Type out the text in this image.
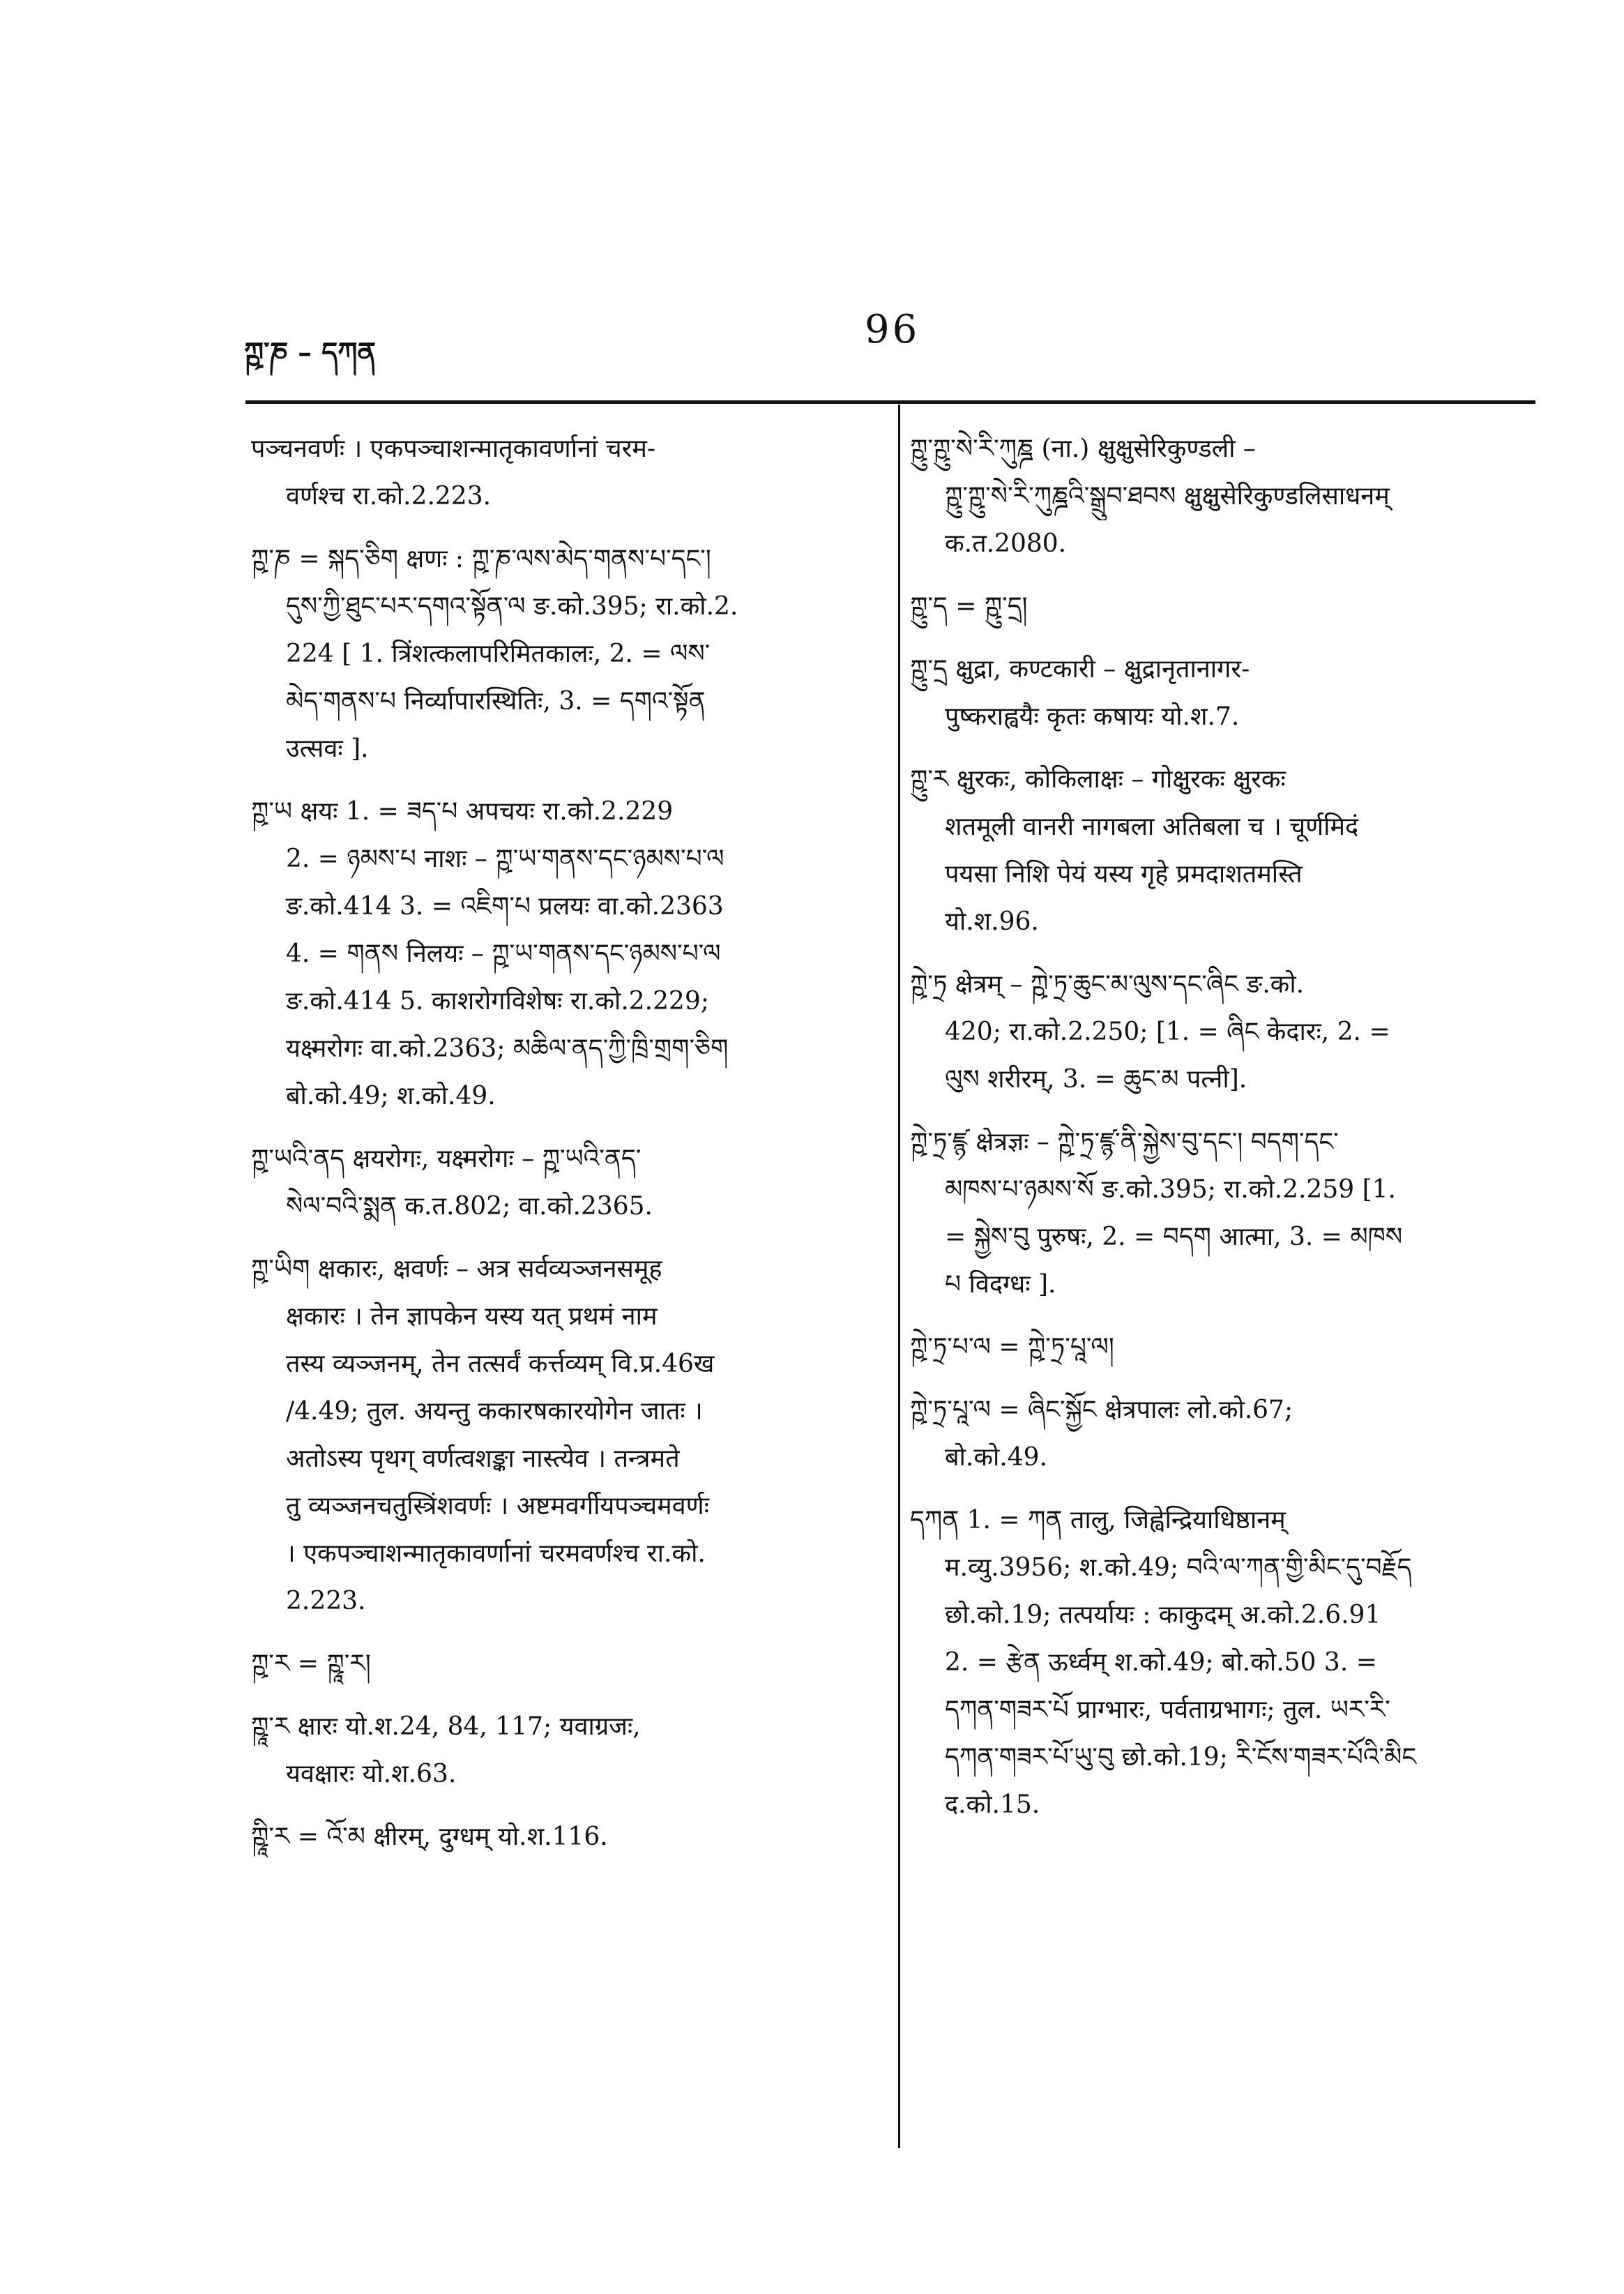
ཀྵ་ཎ – དཀན
96
पञ्चनवर्णः । एकपञ्चाशन्मातृकावर्णानां चरम-
वर्णश्च रा.को.2.223.
ཀྵ་ཎ = སྐད་ཅིག क्षणः : ཀྵ་ཎ་ལས་མེད་གནས་པ་དང་།
དུས་ཀྱི་ཐུང་པར་དགའ་སྟོན་ལ ङ.को.395; रा.को.2.
224 [ 1. त्रिंशत्कलापरिमितकालः, 2. = ལས་
མེད་གནས་པ निर्व्यापारस्थितिः, 3. = དགའ་སྟོན
उत्सवः ].
ཀྵ་ཡ क्षयः 1. = ཟད་པ अपचयः रा.को.2.229
2. = ཉམས་པ नाशः – ཀྵ་ཡ་གནས་དང་ཉམས་པ་ལ
ङ.को.414 3. = འཇིག་པ प्रलयः वा.को.2363
4. = གནས निलयः – ཀྵ་ཡ་གནས་དང་ཉམས་པ་ལ
ङ.को.414 5. काशरोगविशेषः रा.को.2.229;
यक्ष्मरोगः वा.को.2363; མཆིལ་ནད་ཀྱི་ཁྲི་གྲག་ཅིག
बो.को.49; श.को.49.
ཀྵ་ཡའི་ནད क्षयरोगः, यक्ष्मरोगः – ཀྵ་ཡའི་ནད་
སེལ་བའི་སྨན क.त.802; वा.को.2365.
ཀྵ་ཡིག क्षकारः, क्षवर्णः – अत्र सर्वव्यञ्जनसमूह
क्षकारः । तेन ज्ञापकेन यस्य यत् प्रथमं नाम
तस्य व्यञ्जनम्, तेन तत्सर्वं कर्त्तव्यम् वि.प्र.46ख
/4.49; तुल. अयन्तु ककारषकारयोगेन जातः ।
अतोऽस्य पृथग् वर्णत्वशङ्का नास्त्येव । तन्त्रमते
तु व्यञ्जनचतुस्त्रिंशवर्णः । अष्टमवर्गीयपञ्चमवर्णः
। एकपञ्चाशन्मातृकावर्णानां चरमवर्णश्च रा.को.
2.223.
ཀྵ་ར = ཀྵཱ་ར།
ཀྵཱ་ར क्षारः यो.श.24, 84, 117; यवाग्रजः,
यवक्षारः यो.श.63.
ཀྵཱི་ར = འོ་མ क्षीरम्, दुग्धम् यो.श.116.
ཀྵུ་ཀྵུ་སེ་རི་ཀུཎྜ (ना.) क्षुक्षुसेरिकुण्डली –
ཀྵུ་ཀྵུ་སེ་རི་ཀུཎྜའི་སྒྲུབ་ཐབས क्षुक्षुसेरिकुण्डलिसाधनम्
क.त.2080.
ཀྵུ་ད = ཀྵུ་དྲ།
ཀྵུ་དྲ क्षुद्रा, कण्टकारी – क्षुद्रानृतानागर-
पुष्कराह्वयैः कृतः कषायः यो.श.7.
ཀྵུ་ར क्षुरकः, कोकिलाक्षः – गोक्षुरकः क्षुरकः
शतमूली वानरी नागबला अतिबला च । चूर्णमिदं
पयसा निशि पेयं यस्य गृहे प्रमदाशतमस्ति
यो.श.96.
ཀྵེ་ཏྲ क्षेत्रम् – ཀྵེ་ཏྲ་ཆུང་མ་ལུས་དང་ཞིང ङ.को.
420; रा.को.2.250; [1. = ཞིང केदारः, 2. =
ལུས शरीरम्, 3. = ཆུང་མ पत्नी].
ཀྵེ་ཏྲ་ཛྙ क्षेत्रज्ञः – ཀྵེ་ཏྲ་ཛྙ་ནི་སྐྱེས་བུ་དང་། བདག་དང་
མཁས་པ་ཉམས་སོ ङ.को.395; रा.को.2.259 [1.
= སྐྱེས་བུ पुरुषः, 2. = བདག आत्मा, 3. = མཁས
པ विदग्धः ].
ཀྵེ་ཏྲ་པ་ལ = ཀྵེ་ཏྲ་པཱ་ལ།
ཀྵེ་ཏྲ་པཱ་ལ = ཞིང་སྐྱོང क्षेत्रपालः लो.को.67;
बो.को.49.
དཀན 1. = ཀན तालु, जिह्वेन्द्रियाधिष्ठानम्
म.व्यु.3956; श.को.49; བའི་ལ་ཀན་གྱི་མིང་དུ་བརྗོད
छो.को.19; तत्पर्यायः : काकुदम् अ.को.2.6.91
2. = རྩེན ऊर्ध्वम् श.को.49; बो.को.50 3. =
དཀན་གཟར་པོ प्राग्भारः, पर्वताग्रभागः; तुल. ཡར་རི་
དཀན་གཟར་པོ་ཡུ་བུ छो.को.19; རི་ངོས་གཟར་པོའི་མིང
द.को.15.
